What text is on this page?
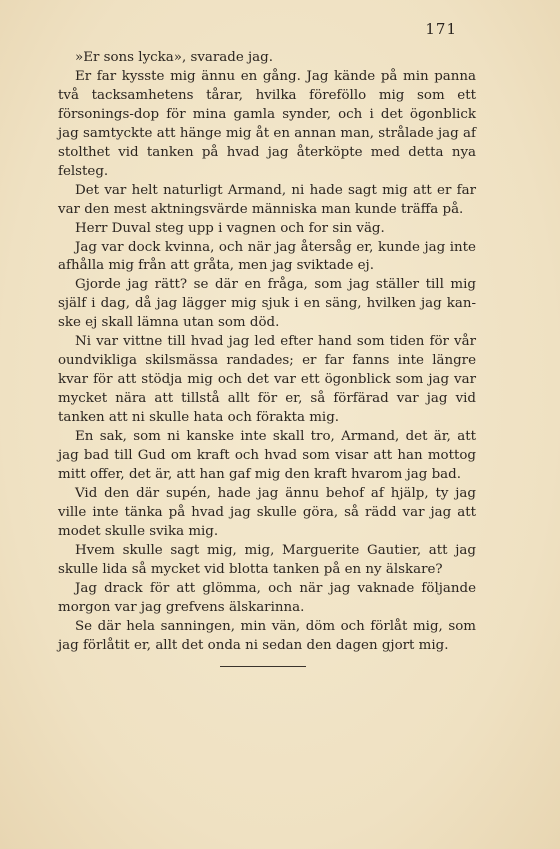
171

»Er sons lycka», svarade jag.

Er far kysste mig ännu en gång. Jag kände på min panna två tacksamhetens tårar, hvilka föreföllo mig som ett försonings-dop för mina gamla synder, och i det ögonblick jag samtyckte att hänge mig åt en annan man, strålade jag af stolthet vid tanken på hvad jag återköpte med detta nya felsteg.

Det var helt naturligt Armand, ni hade sagt mig att er far var den mest aktningsvärde människa man kunde träffa på.

Herr Duval steg upp i vagnen och for sin väg.

Jag var dock kvinna, och när jag återsåg er, kunde jag inte afhålla mig från att gråta, men jag sviktade ej.

Gjorde jag rätt? se där en fråga, som jag ställer till mig själf i dag, då jag lägger mig sjuk i en säng, hvilken jag kan-ske ej skall lämna utan som död.

Ni var vittne till hvad jag led efter hand som tiden för vår oundvikliga skilsmässa randades; er far fanns inte längre kvar för att stödja mig och det var ett ögonblick som jag var mycket nära att tillstå allt för er, så förfärad var jag vid tanken att ni skulle hata och förakta mig.

En sak, som ni kanske inte skall tro, Armand, det är, att jag bad till Gud om kraft och hvad som visar att han mottog mitt offer, det är, att han gaf mig den kraft hvarom jag bad.

Vid den där supén, hade jag ännu behof af hjälp, ty jag ville inte tänka på hvad jag skulle göra, så rädd var jag att modet skulle svika mig.

Hvem skulle sagt mig, mig, Marguerite Gautier, att jag skulle lida så mycket vid blotta tanken på en ny älskare?

Jag drack för att glömma, och när jag vaknade följande morgon var jag grefvens älskarinna.

Se där hela sanningen, min vän, döm och förlåt mig, som jag förlåtit er, allt det onda ni sedan den dagen gjort mig.
